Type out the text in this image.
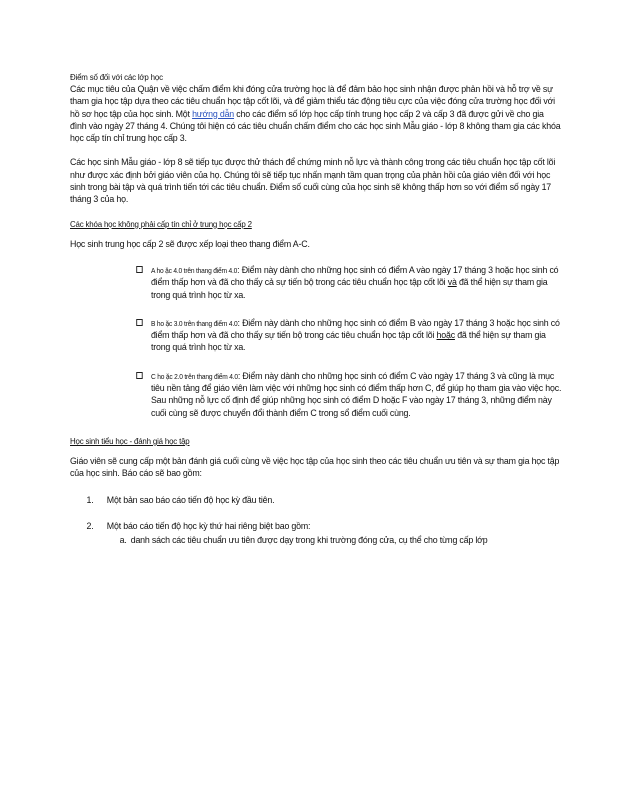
Điểm số đối với các lớp học

Các mục tiêu của Quận về việc chấm điểm khi đóng cửa trường học là để đảm bảo học sinh nhận được phản hồi và hỗ trợ về sự tham gia học tập dựa theo các tiêu chuẩn học tập cốt lõi, và để giảm thiểu tác động tiêu cực của việc đóng cửa trường học đối với hồ sơ học tập của học sinh. Một hướng dẫn cho các điểm số lớp học cấp tính trung học cấp 2 và cấp 3 đã được gửi về cho gia đình vào ngày 27 tháng 4. Chúng tôi hiện có các tiêu chuẩn chấm điểm cho các học sinh Mẫu giáo - lớp 8 không tham gia các khóa học cấp tín chỉ trung học cấp 3.

Các học sinh Mẫu giáo - lớp 8 sẽ tiếp tục được thử thách để chứng minh nỗ lực và thành công trong các tiêu chuẩn học tập cốt lõi như được xác định bởi giáo viên của họ. Chúng tôi sẽ tiếp tục nhấn mạnh tầm quan trọng của phản hồi của giáo viên đối với học sinh trong bài tập và quá trình tiến tới các tiêu chuẩn. Điểm số cuối cùng của học sinh sẽ không thấp hơn so với điểm số ngày 17 tháng 3 của họ.

Các khóa học không phải cấp tín chỉ ở trung học cấp 2

Học sinh trung học cấp 2 sẽ được xếp loại theo thang điểm A-C.

A ho ặc 4.0 trên thang điểm 4.0: Điểm này dành cho những học sinh có điểm A vào ngày 17 tháng 3 hoặc học sinh có điểm thấp hơn và đã cho thấy cả sự tiến bộ trong các tiêu chuẩn học tập cốt lõi và đã thể hiện sự tham gia trong quá trình học từ xa.

B ho ặc 3.0 trên thang điểm 4.0: Điểm này dành cho những học sinh có điểm B vào ngày 17 tháng 3 hoặc học sinh có điểm thấp hơn và đã cho thấy sự tiến bộ trong các tiêu chuẩn học tập cốt lõi hoặc đã thể hiện sự tham gia trong quá trình học từ xa.

C ho ặc 2.0 trên thang điểm 4.0: Điểm này dành cho những học sinh có điểm C vào ngày 17 tháng 3 và cũng là mục tiêu nền tảng để giáo viên làm việc với những học sinh có điểm thấp hơn C, để giúp họ tham gia vào việc học. Sau những nỗ lực cố định để giúp những học sinh có điểm D hoặc F vào ngày 17 tháng 3, những điểm này cuối cùng sẽ được chuyển đổi thành điểm C trong sổ điểm cuối cùng.

Học sinh tiểu học - đánh giá học tập

Giáo viên sẽ cung cấp một bản đánh giá cuối cùng về việc học tập của học sinh theo các tiêu chuẩn ưu tiên và sự tham gia học tập của học sinh. Báo cáo sẽ bao gồm:

1. Một bản sao báo cáo tiến độ học kỳ đầu tiên.

2. Một báo cáo tiến độ học kỳ thứ hai riêng biệt bao gồm:

a. danh sách các tiêu chuẩn ưu tiên được dạy trong khi trường đóng cửa, cụ thể cho từng cấp lớp
